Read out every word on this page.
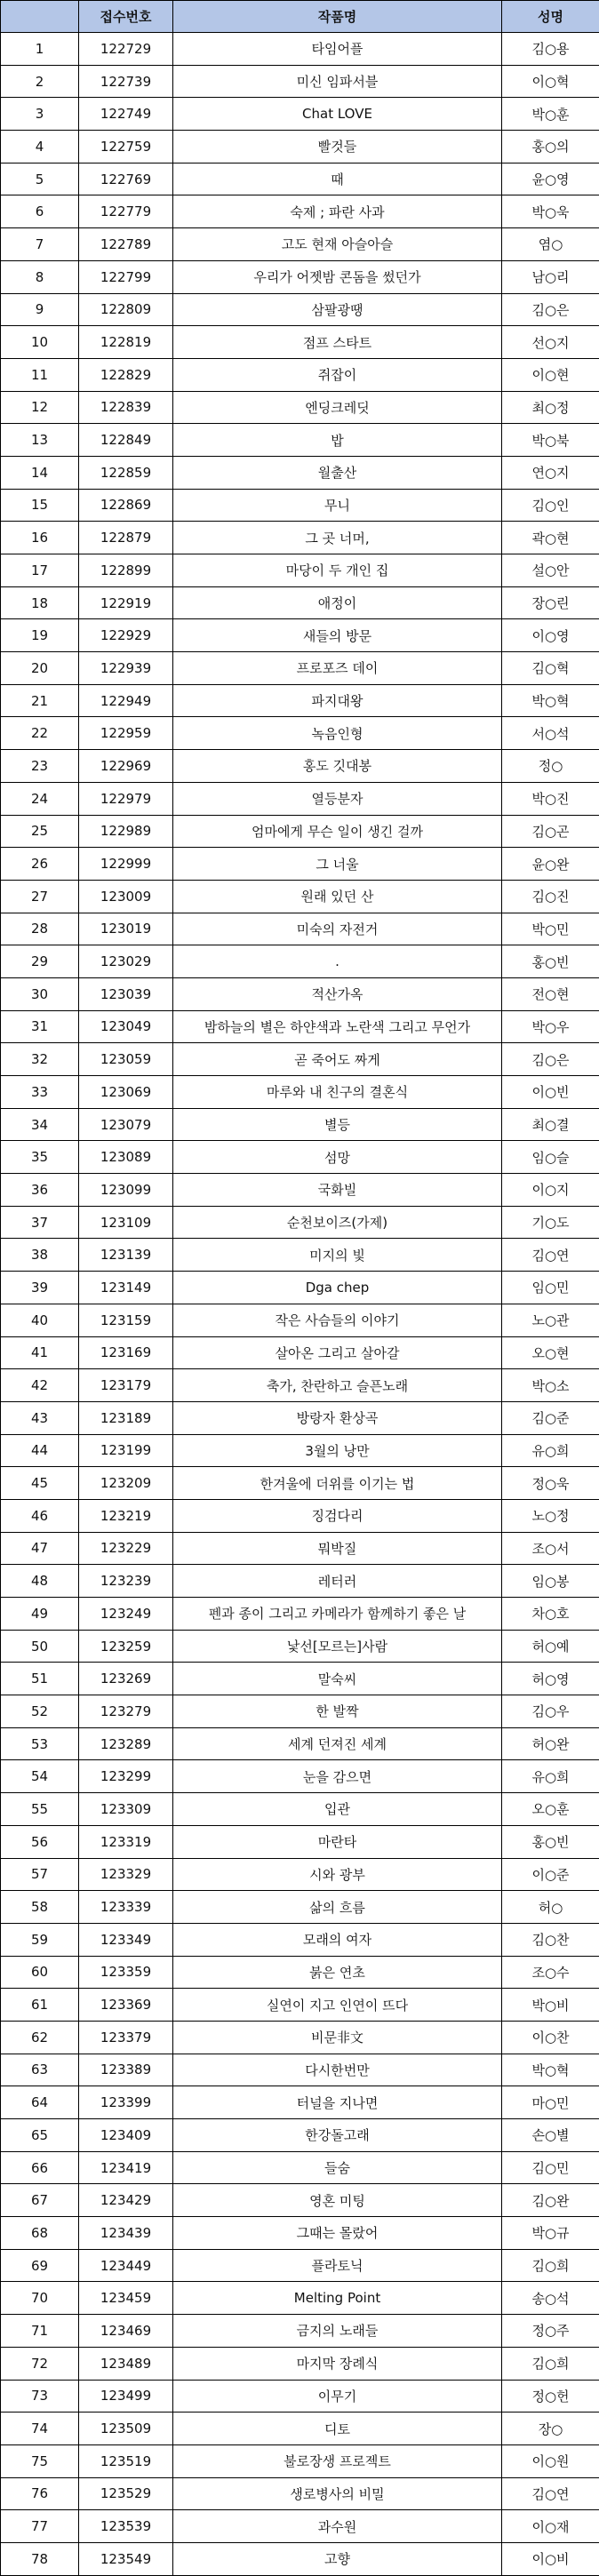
	접수번호	작품명	성명
1	122729	타임어플	김○용
2	122739	미신 임파서블	이○혁
3	122749	Chat LOVE	박○훈
4	122759	빨것들	홍○의
5	122769	때	윤○영
6	122779	숙제 ; 파란 사과	박○욱
7	122789	고도 현재 아슬아슬	염○
8	122799	우리가 어젯밤 콘돔을 썼던가	남○리
9	122809	삼팔광땡	김○은
10	122819	점프 스타트	선○지
11	122829	쥐잡이	이○현
12	122839	엔딩크레딧	최○정
13	122849	밥	박○북
14	122859	월출산	연○지
15	122869	무니	김○인
16	122879	그 곳 너머,	곽○현
17	122899	마당이 두 개인 집	설○안
18	122919	애정이	장○린
19	122929	새들의 방문	이○영
20	122939	프로포즈 데이	김○혁
21	122949	파지대왕	박○혁
22	122959	녹음인형	서○석
23	122969	홍도 깃대봉	정○
24	122979	열등분자	박○진
25	122989	엄마에게 무슨 일이 생긴 걸까	김○곤
26	122999	그 너울	윤○완
27	123009	원래 있던 산	김○진
28	123019	미숙의 자전거	박○민
29	123029	.	홍○빈
30	123039	적산가옥	전○현
31	123049	밤하늘의 별은 하얀색과 노란색 그리고 무언가	박○우
32	123059	곧 죽어도 짜게	김○은
33	123069	마루와 내 친구의 결혼식	이○빈
34	123079	별등	최○결
35	123089	섬망	임○슬
36	123099	국화빌	이○지
37	123109	순천보이즈(가제)	기○도
38	123139	미지의 빛	김○연
39	123149	Dga chep	임○민
40	123159	작은 사슴들의 이야기	노○관
41	123169	살아온 그리고 살아갈	오○현
42	123179	축가, 찬란하고 슬픈노래	박○소
43	123189	방랑자 환상곡	김○준
44	123199	3월의 낭만	유○희
45	123209	한겨울에 더위를 이기는 법	정○욱
46	123219	징검다리	노○정
47	123229	뭐박질	조○서
48	123239	레터러	임○봉
49	123249	펜과 종이 그리고 카메라가 함께하기 좋은 날	차○호
50	123259	낯선[모르는]사람	허○예
51	123269	말숙씨	허○영
52	123279	한 발짝	김○우
53	123289	세계 던져진 세계	허○완
54	123299	눈을 감으면	유○희
55	123309	입관	오○훈
56	123319	마란타	홍○빈
57	123329	시와 광부	이○준
58	123339	삶의 흐름	허○
59	123349	모래의 여자	김○찬
60	123359	붉은 연초	조○수
61	123369	실연이 지고 인연이 뜨다	박○비
62	123379	비문非文	이○찬
63	123389	다시한번만	박○혁
64	123399	터널을 지나면	마○민
65	123409	한강돌고래	손○별
66	123419	들숨	김○민
67	123429	영혼 미팅	김○완
68	123439	그때는 몰랐어	박○규
69	123449	플라토닉	김○희
70	123459	Melting Point	송○석
71	123469	금지의 노래들	정○주
72	123489	마지막 장례식	김○희
73	123499	이무기	정○헌
74	123509	디토	장○
75	123519	불로장생 프로젝트	이○원
76	123529	생로병사의 비밀	김○연
77	123539	과수원	이○재
78	123549	고향	이○비
